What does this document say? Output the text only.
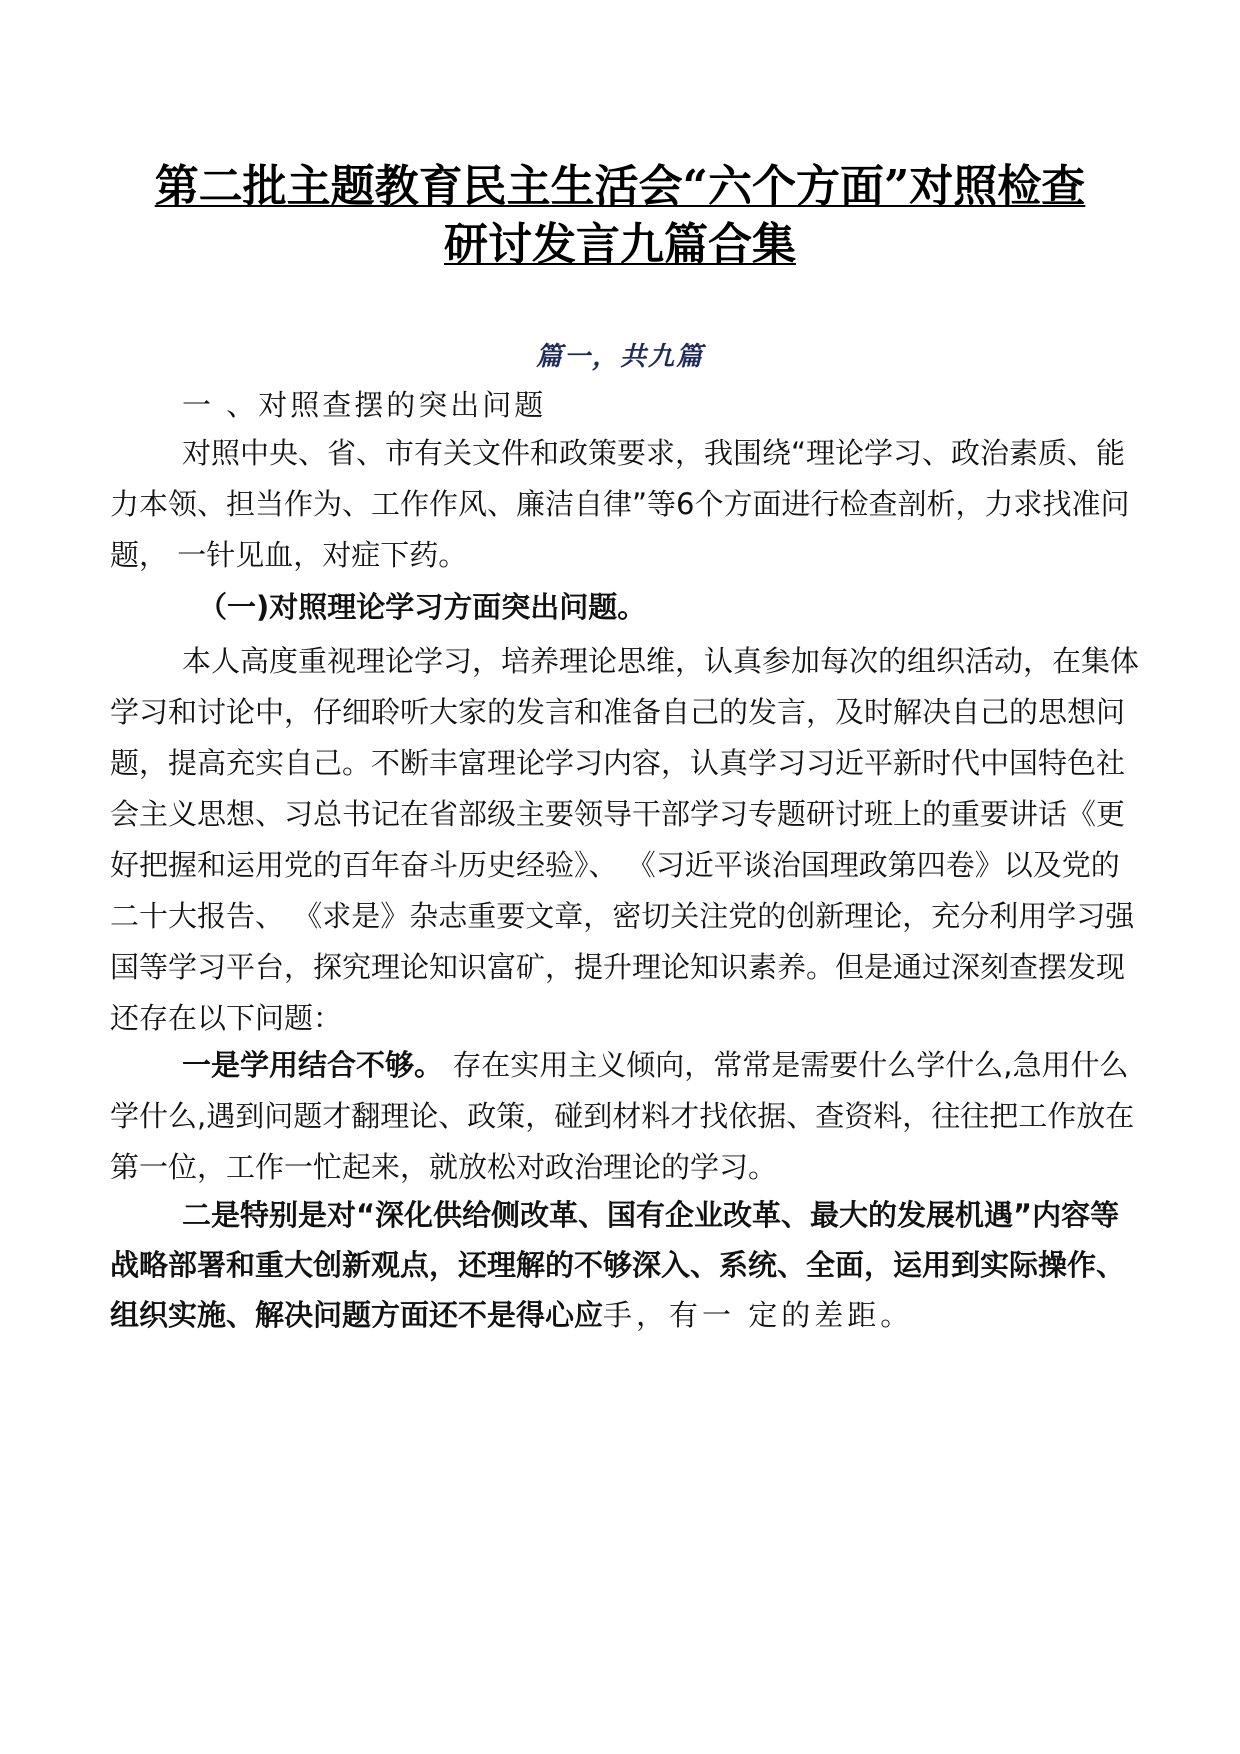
第二批主题教育民主生活会“六个方面”对照检查
研讨发言九篇合集
篇一，共九篇
一 、对照查摆的突出问题
对照中央、省、市有关文件和政策要求，我围绕“理论学习、政治素质、能力本领、担当作为、工作作风、廉洁自律”等6个方面进行检查剖析，力求找准问题， 一针见血，对症下药。
（一)对照理论学习方面突出问题。
本人高度重视理论学习，培养理论思维，认真参加每次的组织活动，在集体学习和讨论中，仔细聆听大家的发言和准备自己的发言，及时解决自己的思想问题，提高充实自己。不断丰富理论学习内容，认真学习习近平新时代中国特色社会主义思想、习总书记在省部级主要领导干部学习专题研讨班上的重要讲话《更好把握和运用党的百年奋斗历史经验》、 《习近平谈治国理政第四卷》以及党的二十大报告、 《求是》杂志重要文章，密切关注党的创新理论，充分利用学习强国等学习平台，探究理论知识富矿，提升理论知识素养。但是通过深刻查摆发现还存在以下问题：
一是学用结合不够。 存在实用主义倾向，常常是需要什么学什么,急用什么学什么,遇到问题才翻理论、政策，碰到材料才找依据、查资料，往往把工作放在第一位，工作一忙起来，就放松对政治理论的学习。
二是特别是对“深化供给侧改革、国有企业改革、最大的发展机遇”内容等战略部署和重大创新观点，还理解的不够深入、系统、全面，运用到实际操作、组织实施、解决问题方面还不是得心应手，有一 定的差距。
